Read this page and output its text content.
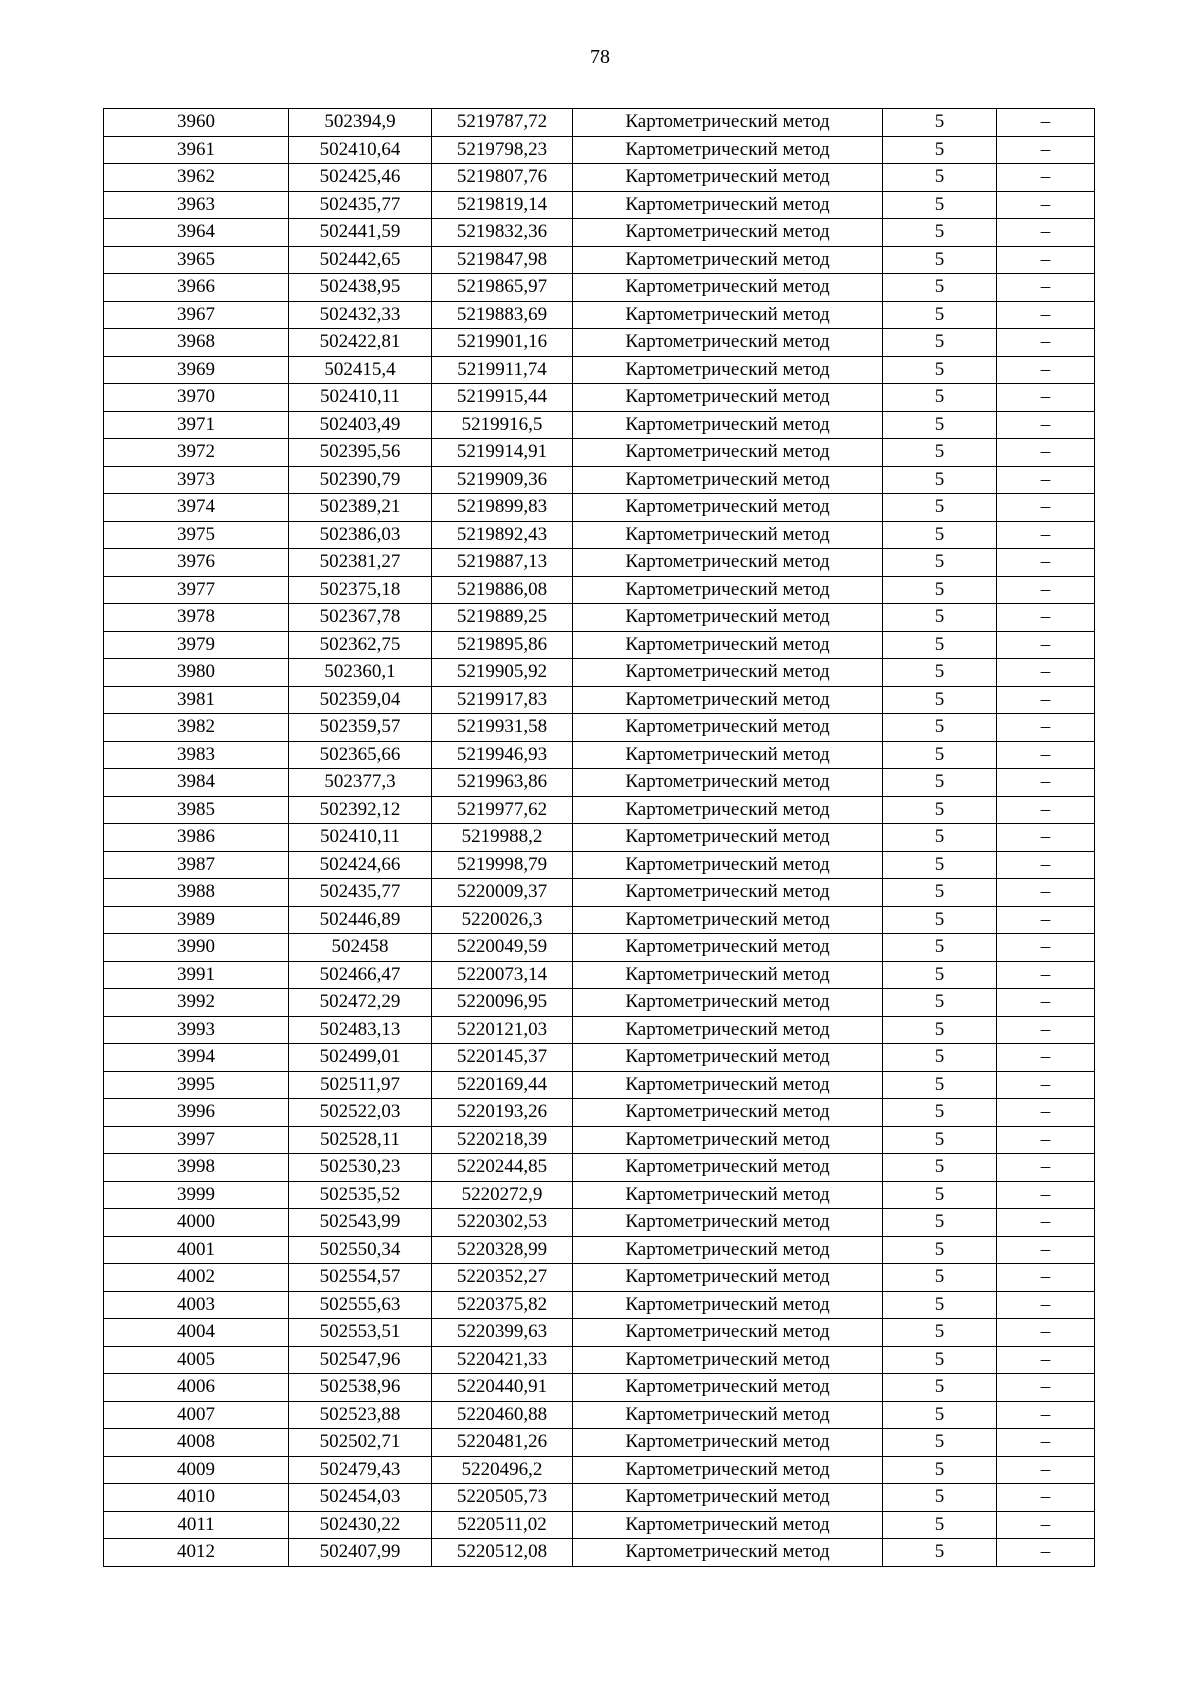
78
3960	502394,9	5219787,72	Картометрический метод	5	–
3961	502410,64	5219798,23	Картометрический метод	5	–
3962	502425,46	5219807,76	Картометрический метод	5	–
3963	502435,77	5219819,14	Картометрический метод	5	–
3964	502441,59	5219832,36	Картометрический метод	5	–
3965	502442,65	5219847,98	Картометрический метод	5	–
3966	502438,95	5219865,97	Картометрический метод	5	–
3967	502432,33	5219883,69	Картометрический метод	5	–
3968	502422,81	5219901,16	Картометрический метод	5	–
3969	502415,4	5219911,74	Картометрический метод	5	–
3970	502410,11	5219915,44	Картометрический метод	5	–
3971	502403,49	5219916,5	Картометрический метод	5	–
3972	502395,56	5219914,91	Картометрический метод	5	–
3973	502390,79	5219909,36	Картометрический метод	5	–
3974	502389,21	5219899,83	Картометрический метод	5	–
3975	502386,03	5219892,43	Картометрический метод	5	–
3976	502381,27	5219887,13	Картометрический метод	5	–
3977	502375,18	5219886,08	Картометрический метод	5	–
3978	502367,78	5219889,25	Картометрический метод	5	–
3979	502362,75	5219895,86	Картометрический метод	5	–
3980	502360,1	5219905,92	Картометрический метод	5	–
3981	502359,04	5219917,83	Картометрический метод	5	–
3982	502359,57	5219931,58	Картометрический метод	5	–
3983	502365,66	5219946,93	Картометрический метод	5	–
3984	502377,3	5219963,86	Картометрический метод	5	–
3985	502392,12	5219977,62	Картометрический метод	5	–
3986	502410,11	5219988,2	Картометрический метод	5	–
3987	502424,66	5219998,79	Картометрический метод	5	–
3988	502435,77	5220009,37	Картометрический метод	5	–
3989	502446,89	5220026,3	Картометрический метод	5	–
3990	502458	5220049,59	Картометрический метод	5	–
3991	502466,47	5220073,14	Картометрический метод	5	–
3992	502472,29	5220096,95	Картометрический метод	5	–
3993	502483,13	5220121,03	Картометрический метод	5	–
3994	502499,01	5220145,37	Картометрический метод	5	–
3995	502511,97	5220169,44	Картометрический метод	5	–
3996	502522,03	5220193,26	Картометрический метод	5	–
3997	502528,11	5220218,39	Картометрический метод	5	–
3998	502530,23	5220244,85	Картометрический метод	5	–
3999	502535,52	5220272,9	Картометрический метод	5	–
4000	502543,99	5220302,53	Картометрический метод	5	–
4001	502550,34	5220328,99	Картометрический метод	5	–
4002	502554,57	5220352,27	Картометрический метод	5	–
4003	502555,63	5220375,82	Картометрический метод	5	–
4004	502553,51	5220399,63	Картометрический метод	5	–
4005	502547,96	5220421,33	Картометрический метод	5	–
4006	502538,96	5220440,91	Картометрический метод	5	–
4007	502523,88	5220460,88	Картометрический метод	5	–
4008	502502,71	5220481,26	Картометрический метод	5	–
4009	502479,43	5220496,2	Картометрический метод	5	–
4010	502454,03	5220505,73	Картометрический метод	5	–
4011	502430,22	5220511,02	Картометрический метод	5	–
4012	502407,99	5220512,08	Картометрический метод	5	–
